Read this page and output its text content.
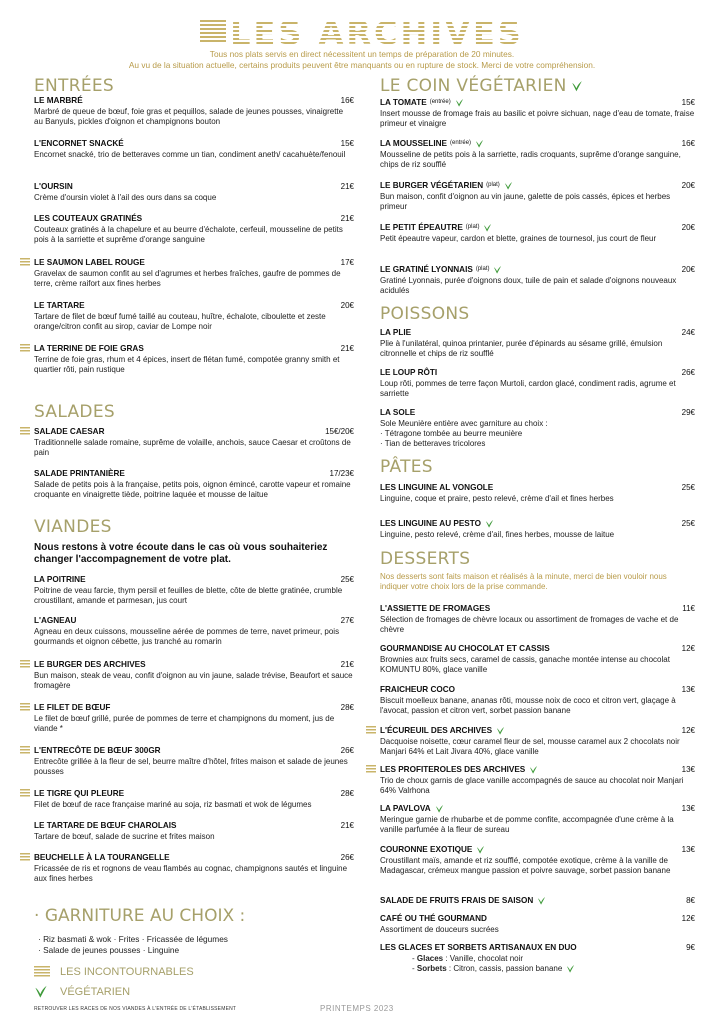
LES ARCHIVES
Tous nos plats servis en direct nécessitent un temps de préparation de 20 minutes.
Au vu de la situation actuelle, certains produits peuvent être manquants ou en rupture de stock. Merci de votre compréhension.
ENTRÉES
LE MARBRÉ	16€
Marbré de queue de bœuf, foie gras et pequillos, salade de jeunes pousses, vinaigrette au Banyuls, pickles d'oignon et champignons bouton
L'ENCORNET SNACKÉ	15€
Encornet snacké, trio de betteraves comme un tian, condiment aneth/ cacahuète/fenouil
L'OURSIN	21€
Crème d'oursin violet à l'ail des ours dans sa coque
LES COUTEAUX GRATINÉS	21€
Couteaux gratinés à la chapelure et au beurre d'échalote, cerfeuil, mousseline de petits pois à la sarriette et suprême d'orange sanguine
LE SAUMON LABEL ROUGE	17€
Gravelax de saumon confit au sel d'agrumes et herbes fraîches, gaufre de pommes de terre, crème raifort aux fines herbes
LE TARTARE	20€
Tartare de filet de bœuf fumé taillé au couteau, huître, échalote, ciboulette et zeste orange/citron confit au sirop, caviar de Lompe noir
LA TERRINE DE FOIE GRAS	21€
Terrine de foie gras, rhum et 4 épices, insert de flétan fumé, compotée granny smith et quartier rôti, pain rustique
SALADES
SALADE CAESAR	15€/20€
Traditionnelle salade romaine, suprême de volaille, anchois, sauce Caesar et croûtons de pain
SALADE PRINTANIÈRE	17/23€
Salade de petits pois à la française, petits pois, oignon émincé, carotte vapeur et romaine croquante en vinaigrette tiède, poitrine laquée et mousse de laitue
VIANDES
Nous restons à votre écoute dans le cas où vous souhaiteriez changer l'accompagnement de votre plat.
LA POITRINE	25€
Poitrine de veau farcie, thym persil et feuilles de blette, côte de blette gratinée, crumble croustillant, amande et parmesan, jus court
L'AGNEAU	27€
Agneau en deux cuissons, mousseline aérée de pommes de terre, navet primeur, pois gourmands et oignon cébette, jus tranché au romarin
LE BURGER DES ARCHIVES	21€
Bun maison, steak de veau, confit d'oignon au vin jaune, salade trévise, Beaufort et sauce fromagère
LE FILET DE BŒUF	28€
Le filet de bœuf grillé, purée de pommes de terre et champignons du moment, jus de viande *
L'ENTRECÔTE DE BŒUF 300GR	26€
Entrecôte grillée à la fleur de sel, beurre maître d'hôtel, frites maison et salade de jeunes pousses
LE TIGRE QUI PLEURE	28€
Filet de bœuf de race française mariné au soja, riz basmati et wok de légumes
LE TARTARE DE BŒUF CHAROLAIS	21€
Tartare de bœuf, salade de sucrine et frites maison
BEUCHELLE À LA TOURANGELLE	26€
Fricassée de ris et rognons de veau flambés au cognac, champignons sautés et linguine aux fines herbes
· GARNITURE AU CHOIX :
· Riz basmati & wok · Frites · Fricassée de légumes
· Salade de jeunes pousses · Linguine
LES INCONTOURNABLES
VÉGÉTARIEN
RETROUVER LES RACES DE NOS VIANDES À L'ENTRÉE DE L'ÉTABLISSEMENT	PRINTEMPS 2023
LE COIN VÉGÉTARIEN
LA TOMATE (entrée)	15€
Insert mousse de fromage frais au basilic et poivre sichuan, nage d'eau de tomate, fraise primeur et vinaigre
LA MOUSSELINE (entrée)	16€
Mousseline de petits pois à la sarriette, radis croquants, suprême d'orange sanguine, chips de riz soufflé
LE BURGER VÉGÉTARIEN (plat)	20€
Bun maison, confit d'oignon au vin jaune, galette de pois cassés, épices et herbes primeur
LE PETIT ÉPEAUTRE (plat)	20€
Petit épeautre vapeur, cardon et blette, graines de tournesol, jus court de fleur
LE GRATINÉ LYONNAIS (plat)	20€
Gratiné Lyonnais, purée d'oignons doux, tuile de pain et salade d'oignons nouveaux acidulés
POISSONS
LA PLIE	24€
Plie à l'unilatéral, quinoa printanier, purée d'épinards au sésame grillé, émulsion citronnelle et chips de riz soufflé
LE LOUP RÔTI	26€
Loup rôti, pommes de terre façon Murtoli, cardon glacé, condiment radis, agrume et sarriette
LA SOLE	29€
Sole Meunière entière avec garniture au choix :
· Tétragone tombée au beurre meunière
· Tian de betteraves tricolores
PÂTES
LES LINGUINE AL VONGOLE	25€
Linguine, coque et praire, pesto relevé, crème d'ail et fines herbes
LES LINGUINE AU PESTO	25€
Linguine, pesto relevé, crème d'ail, fines herbes, mousse de laitue
DESSERTS
Nos desserts sont faits maison et réalisés à la minute, merci de bien vouloir nous indiquer votre choix lors de la prise commande.
L'ASSIETTE DE FROMAGES	11€
Sélection de fromages de chèvre locaux ou assortiment de fromages de vache et de chèvre
GOURMANDISE AU CHOCOLAT ET CASSIS	12€
Brownies aux fruits secs, caramel de cassis, ganache montée intense au chocolat KOMUNTU 80%, glace vanille
FRAICHEUR COCO	13€
Biscuit moelleux banane, ananas rôti, mousse noix de coco et citron vert, glaçage à l'avocat, passion et citron vert, sorbet passion banane
L'ÉCUREUIL DES ARCHIVES	12€
Dacquoise noisette, cœur caramel fleur de sel, mousse caramel aux 2 chocolats noir Manjari 64% et Lait Jivara 40%, glace vanille
LES PROFITEROLES DES ARCHIVES	13€
Trio de choux garnis de glace vanille accompagnés de sauce au chocolat noir Manjari 64% Valrhona
LA PAVLOVA	13€
Meringue garnie de rhubarbe et de pomme confite, accompagnée d'une crème à la vanille parfumée à la fleur de sureau
COURONNE EXOTIQUE	13€
Croustillant maïs, amande et riz soufflé, compotée exotique, crème à la vanille de Madagascar, crémeux mangue passion et poivre sauvage, sorbet passion banane
SALADE DE FRUITS FRAIS DE SAISON	8€
CAFÉ OU THÉ GOURMAND	12€
Assortiment de douceurs sucrées
LES GLACES ET SORBETS ARTISANAUX EN DUO	9€
- Glaces : Vanille, chocolat noir
- Sorbets : Citron, cassis, passion banane
